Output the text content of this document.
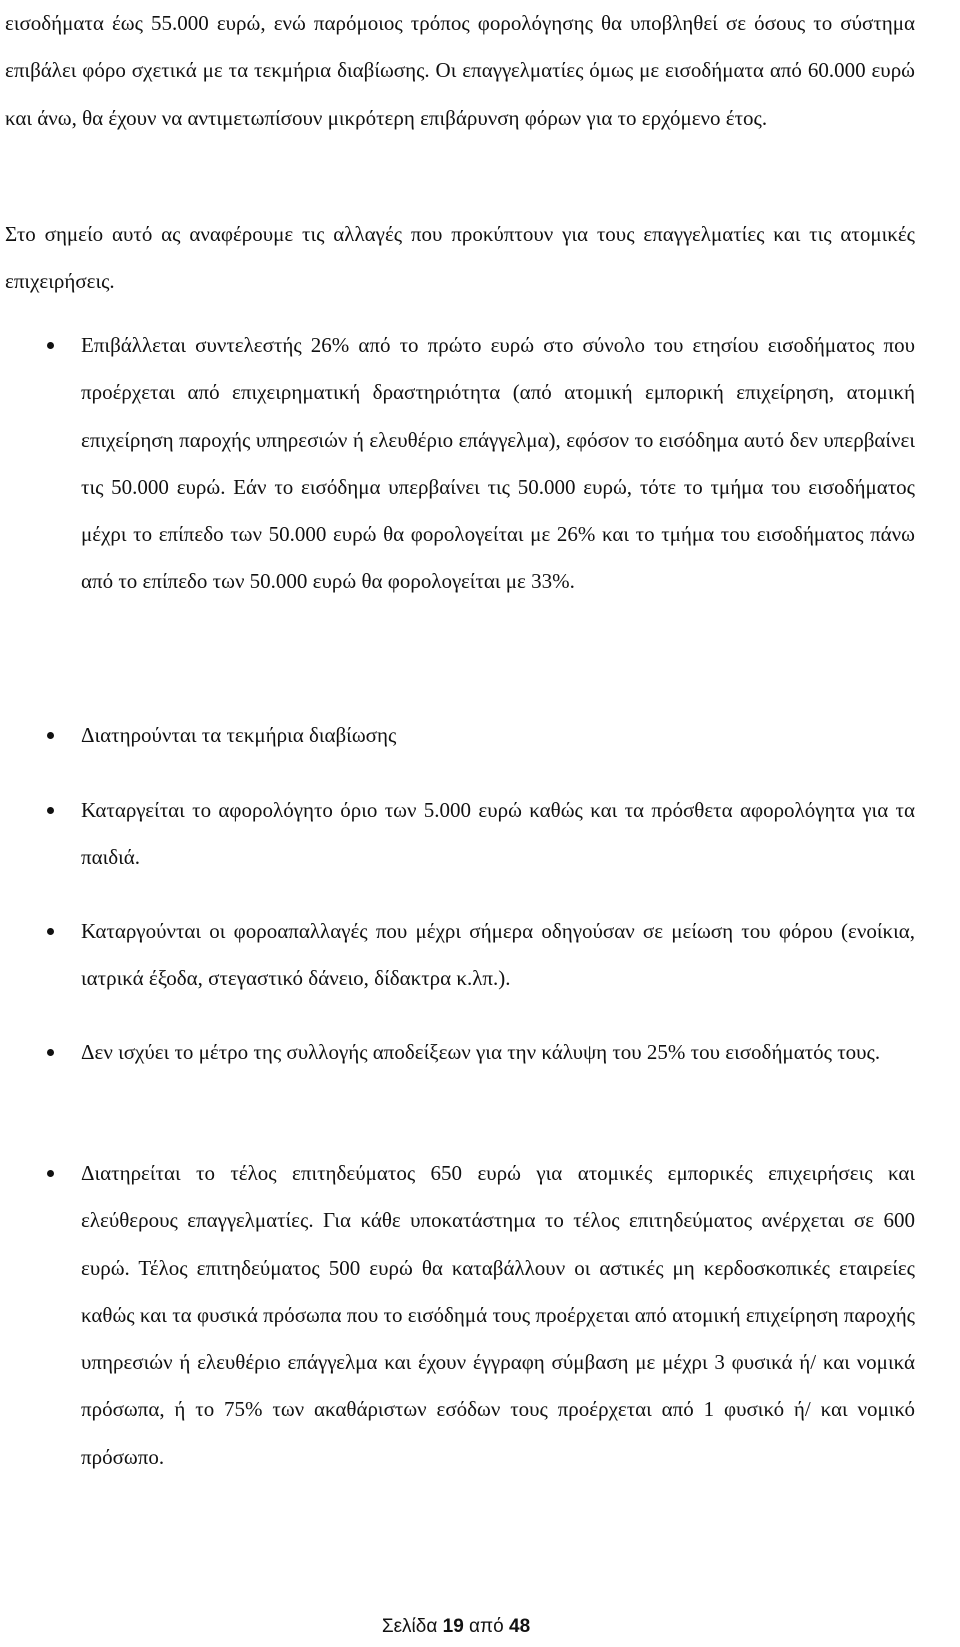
εισοδήματα έως 55.000 ευρώ, ενώ παρόμοιος τρόπος φορολόγησης θα υποβληθεί σε όσους το σύστημα επιβάλει φόρο σχετικά με τα τεκμήρια διαβίωσης. Οι επαγγελματίες όμως με εισοδήματα από 60.000 ευρώ και άνω, θα έχουν να αντιμετωπίσουν μικρότερη επιβάρυνση φόρων για το ερχόμενο έτος.

Στο σημείο αυτό ας αναφέρουμε τις αλλαγές που προκύπτουν για τους επαγγελματίες και τις ατομικές επιχειρήσεις.

Επιβάλλεται συντελεστής 26% από το πρώτο ευρώ στο σύνολο του ετησίου εισοδήματος που προέρχεται από επιχειρηματική δραστηριότητα (από ατομική εμπορική επιχείρηση, ατομική επιχείρηση παροχής υπηρεσιών ή ελευθέριο επάγγελμα), εφόσον το εισόδημα αυτό δεν υπερβαίνει τις 50.000 ευρώ. Εάν το εισόδημα υπερβαίνει τις 50.000 ευρώ, τότε το τμήμα του εισοδήματος μέχρι το επίπεδο των 50.000 ευρώ θα φορολογείται με 26% και το τμήμα του εισοδήματος πάνω από το επίπεδο των 50.000 ευρώ θα φορολογείται με 33%.

Διατηρούνται τα τεκμήρια διαβίωσης

Καταργείται το αφορολόγητο όριο των 5.000 ευρώ καθώς και τα πρόσθετα αφορολόγητα για τα παιδιά.

Καταργούνται οι φοροαπαλλαγές που μέχρι σήμερα οδηγούσαν σε μείωση του φόρου (ενοίκια, ιατρικά έξοδα, στεγαστικό δάνειο, δίδακτρα κ.λπ.).

Δεν ισχύει το μέτρο της συλλογής αποδείξεων για την κάλυψη του 25% του εισοδήματός τους.

Διατηρείται το τέλος επιτηδεύματος 650 ευρώ για ατομικές εμπορικές επιχειρήσεις και ελεύθερους επαγγελματίες. Για κάθε υποκατάστημα το τέλος επιτηδεύματος ανέρχεται σε 600 ευρώ. Τέλος επιτηδεύματος 500 ευρώ θα καταβάλλουν οι αστικές μη κερδοσκοπικές εταιρείες καθώς και τα φυσικά πρόσωπα που το εισόδημά τους προέρχεται από ατομική επιχείρηση παροχής υπηρεσιών ή ελευθέριο επάγγελμα και έχουν έγγραφη σύμβαση με μέχρι 3 φυσικά ή/ και νομικά πρόσωπα, ή το 75% των ακαθάριστων εσόδων τους προέρχεται από 1 φυσικό ή/ και νομικό πρόσωπο.

Σελίδα 19 από 48
